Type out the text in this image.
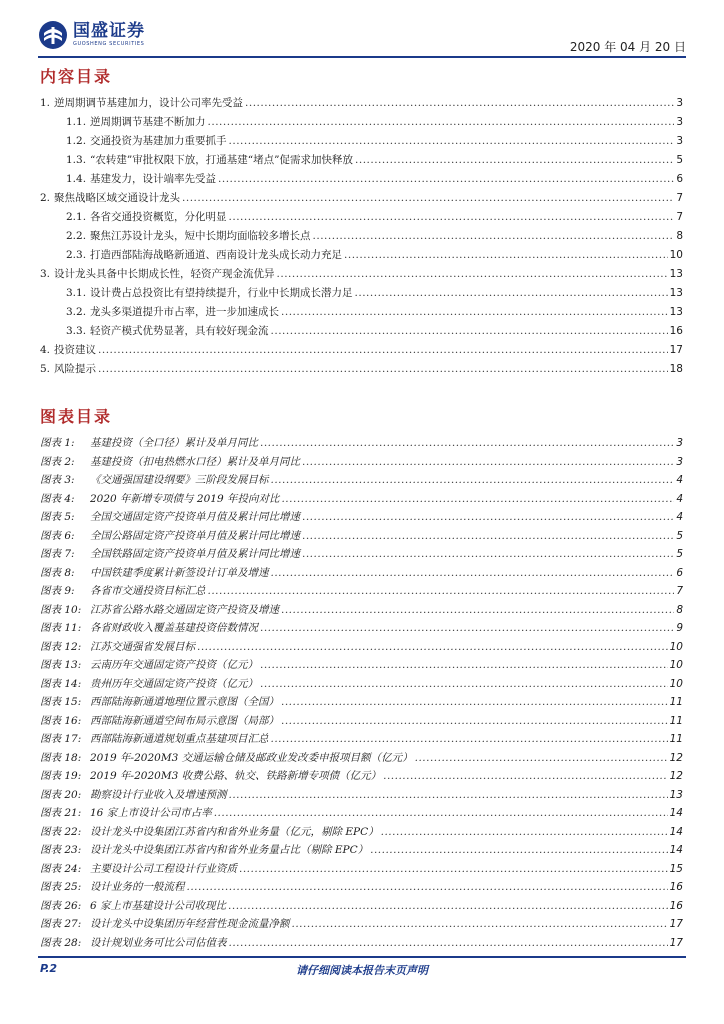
国盛证券
GUOSHENG SECURITIES	2020 年 04 月 20 日
内容目录
1. 逆周期调节基建加力，设计公司率先受益 .....	3
1.1. 逆周期调节基建不断加力 .....	3
1.2. 交通投资为基建加力重要抓手 .....	3
1.3. “农转建”审批权限下放，打通基建“堵点”促需求加快释放 .....	5
1.4. 基建发力，设计端率先受益 .....	6
2. 聚焦战略区域交通设计龙头 .....	7
2.1. 各省交通投资概览，分化明显 .....	7
2.2. 聚焦江苏设计龙头，短中长期均面临较多增长点 .....	8
2.3. 打造西部陆海战略新通道、西南设计龙头成长动力充足 .....	10
3. 设计龙头具备中长期成长性，轻资产现金流优异 .....	13
3.1. 设计费占总投资比有望持续提升，行业中长期成长潜力足 .....	13
3.2. 龙头多渠道提升市占率，进一步加速成长 .....	13
3.3. 轻资产模式优势显著，具有较好现金流 .....	16
4. 投资建议 .....	17
5. 风险提示 .....	18
图表目录
图表 1:	基建投资（全口径）累计及单月同比 .....	3
图表 2:	基建投资（扣电热燃水口径）累计及单月同比 .....	3
图表 3:	《交通强国建设纲要》三阶段发展目标 .....	4
图表 4:	2020 年新增专项债与 2019 年投向对比 .....	4
图表 5:	全国交通固定资产投资单月值及累计同比增速 .....	4
图表 6:	全国公路固定资产投资单月值及累计同比增速 .....	5
图表 7:	全国铁路固定资产投资单月值及累计同比增速 .....	5
图表 8:	中国铁建季度累计新签设计订单及增速 .....	6
图表 9:	各省市交通投资目标汇总 .....	7
图表 10: 江苏省公路水路交通固定资产投资及增速 .....	8
图表 11: 各省财政收入覆盖基建投资倍数情况 .....	9
图表 12: 江苏交通强省发展目标 .....	10
图表 13: 云南历年交通固定资产投资（亿元） .....	10
图表 14: 贵州历年交通固定资产投资（亿元） .....	10
图表 15: 西部陆海新通道地理位置示意图（全国） .....	11
图表 16: 西部陆海新通道空间布局示意图（局部） .....	11
图表 17: 西部陆海新通道规划重点基建项目汇总 .....	11
图表 18: 2019 年-2020M3 交通运输仓储及邮政业发改委申报项目额（亿元） .....	12
图表 19: 2019 年-2020M3 收费公路、轨交、铁路新增专项债（亿元） .....	12
图表 20: 勘察设计行业收入及增速预测 .....	13
图表 21: 16 家上市设计公司市占率 .....	14
图表 22: 设计龙头中设集团江苏省内和省外业务量（亿元，剔除 EPC） .....	14
图表 23: 设计龙头中设集团江苏省内和省外业务量占比（剔除 EPC） .....	14
图表 24: 主要设计公司工程设计行业资质 .....	15
图表 25: 设计业务的一般流程 .....	16
图表 26: 6 家上市基建设计公司收现比 .....	16
图表 27: 设计龙头中设集团历年经营性现金流量净额 .....	17
图表 28: 设计规划业务可比公司估值表 .....	17
P.2	请仔细阅读本报告末页声明
